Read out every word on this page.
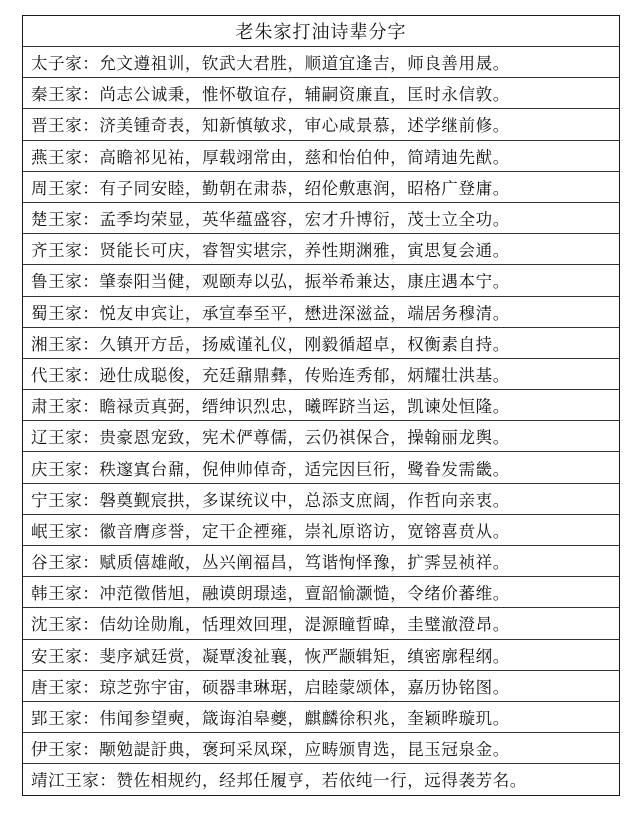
老朱家打油诗辈分字
太子家： 允文遵祖训，钦武大君胜，顺道宜逢吉，师良善用晟。
秦王家： 尚志公诚秉，惟怀敬谊存，辅嗣资廉直，匡时永信敦。
晋王家： 济美锺奇表，知新慎敏求，审心咸景慕，述学继前修。
燕王家： 高瞻祁见祐，厚载翊常由，慈和怡伯仲，简靖迪先猷。
周王家： 有子同安睦，勤朝在肃恭，绍伦敷惠润，昭格广登庸。
楚王家： 孟季均荣显，英华蕴盛容，宏才升博衍，茂士立全功。
齐王家： 贤能长可庆，睿智实堪宗，养性期渊雅，寅思复会通。
鲁王家： 肇泰阳当健，观颐寿以弘，振举希兼达，康庄遇本宁。
蜀王家： 悦友申宾让，承宣奉至平，懋进深滋益，端居务穆清。
湘王家： 久镇开方岳，扬威谨礼仪，刚毅循超卓，权衡素自持。
代王家： 逊仕成聪俊，充廷鼐鼎彝，传贻连秀郁，炳耀壮洪基。
肃王家： 瞻禄贡真弼，缙绅识烈忠，曦晖跻当运，凯谏处恒隆。
辽王家： 贵豪恩宠致，宪术俨尊儒，云仍祺保合，操翰丽龙舆。
庆王家： 秩邃寘台鼐，倪伸帅倬奇，适完因巨衎，鹭眷发需畿。
宁王家： 磐奠觐宸拱，多谋统议中，总添支庶阔，作哲向亲衷。
岷王家： 徽音膺彦誉，定干企禋雍，崇礼原谘访，宽镕喜贲从。
谷王家： 赋质僖雄敞，丛兴阐福昌，笃谐恂怿豫，扩霁昱祯祥。
韩王家： 冲范徵偕旭，融谟朗璟逵，亶韶愉灏慥，令绪价蕃维。
沈王家： 佶幼诠勋胤，恬理效回理，湜源瞳晢暐，圭璧澈澄昂。
安王家： 斐序斌廷赏，凝覃浚祉襄，恢严颛辑矩，缜密廓程纲。
唐王家： 琼芝弥宇宙，硕器聿琳琚，启睦蒙颂体，嘉历协铭图。
郢王家： 伟闻参望奭，箴诲洎皋夔，麒麟徐积兆，奎颖晔璇玑。
伊王家： 颙勉諟訏典，褒珂采凤琛，应畴颁胄选，昆玉冠泉金。
靖江王家： 赞佐相规约，经邦任履亨，若依纯一行，远得袭芳名。
